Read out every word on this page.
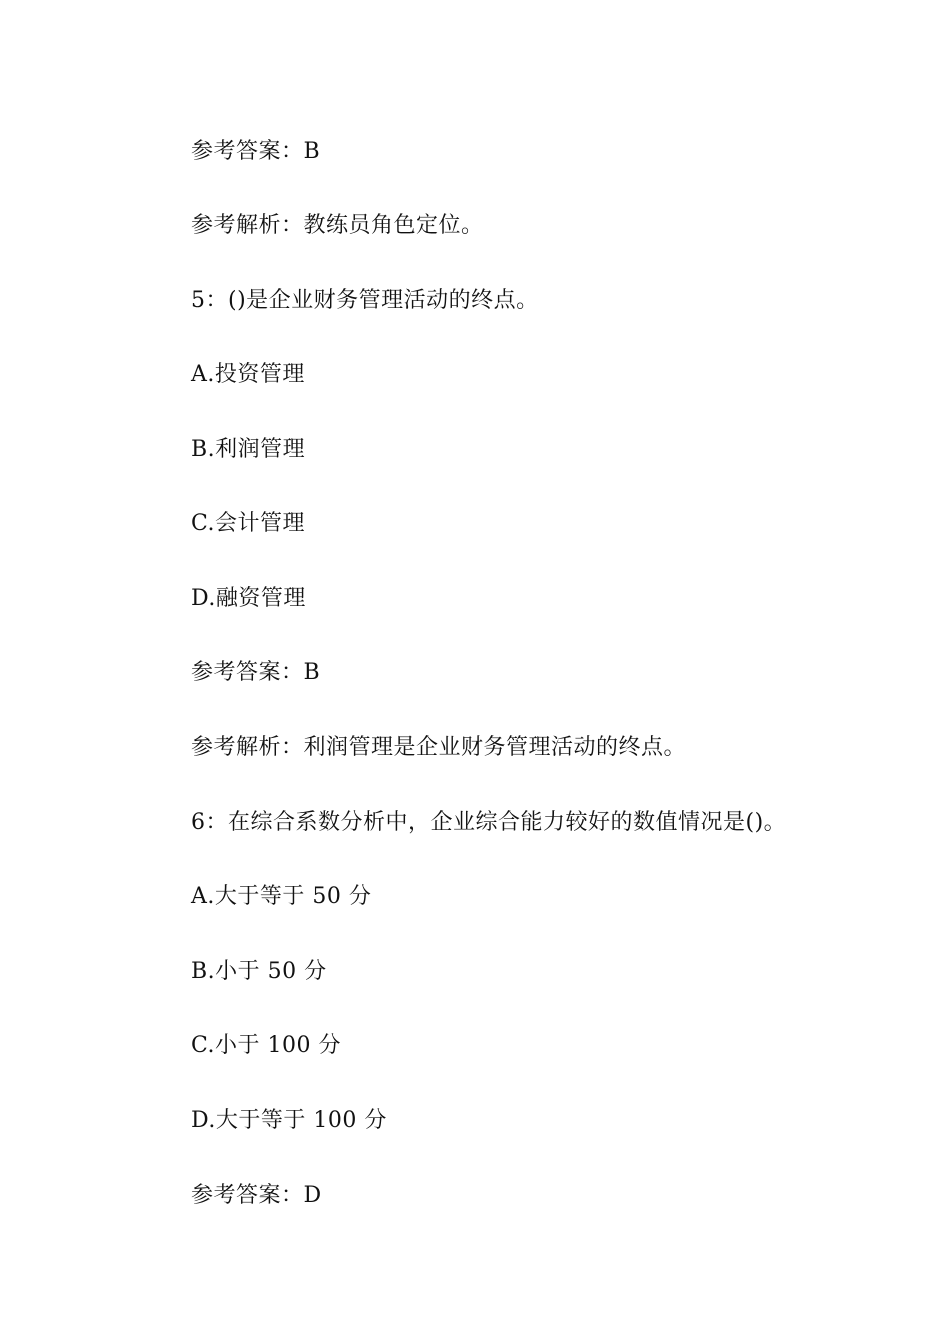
参考答案：B
参考解析：教练员角色定位。
5：()是企业财务管理活动的终点。
A.投资管理
B.利润管理
C.会计管理
D.融资管理
参考答案：B
参考解析：利润管理是企业财务管理活动的终点。
6：在综合系数分析中，企业综合能力较好的数值情况是()。
A.大于等于 50 分
B.小于 50 分
C.小于 100 分
D.大于等于 100 分
参考答案：D
